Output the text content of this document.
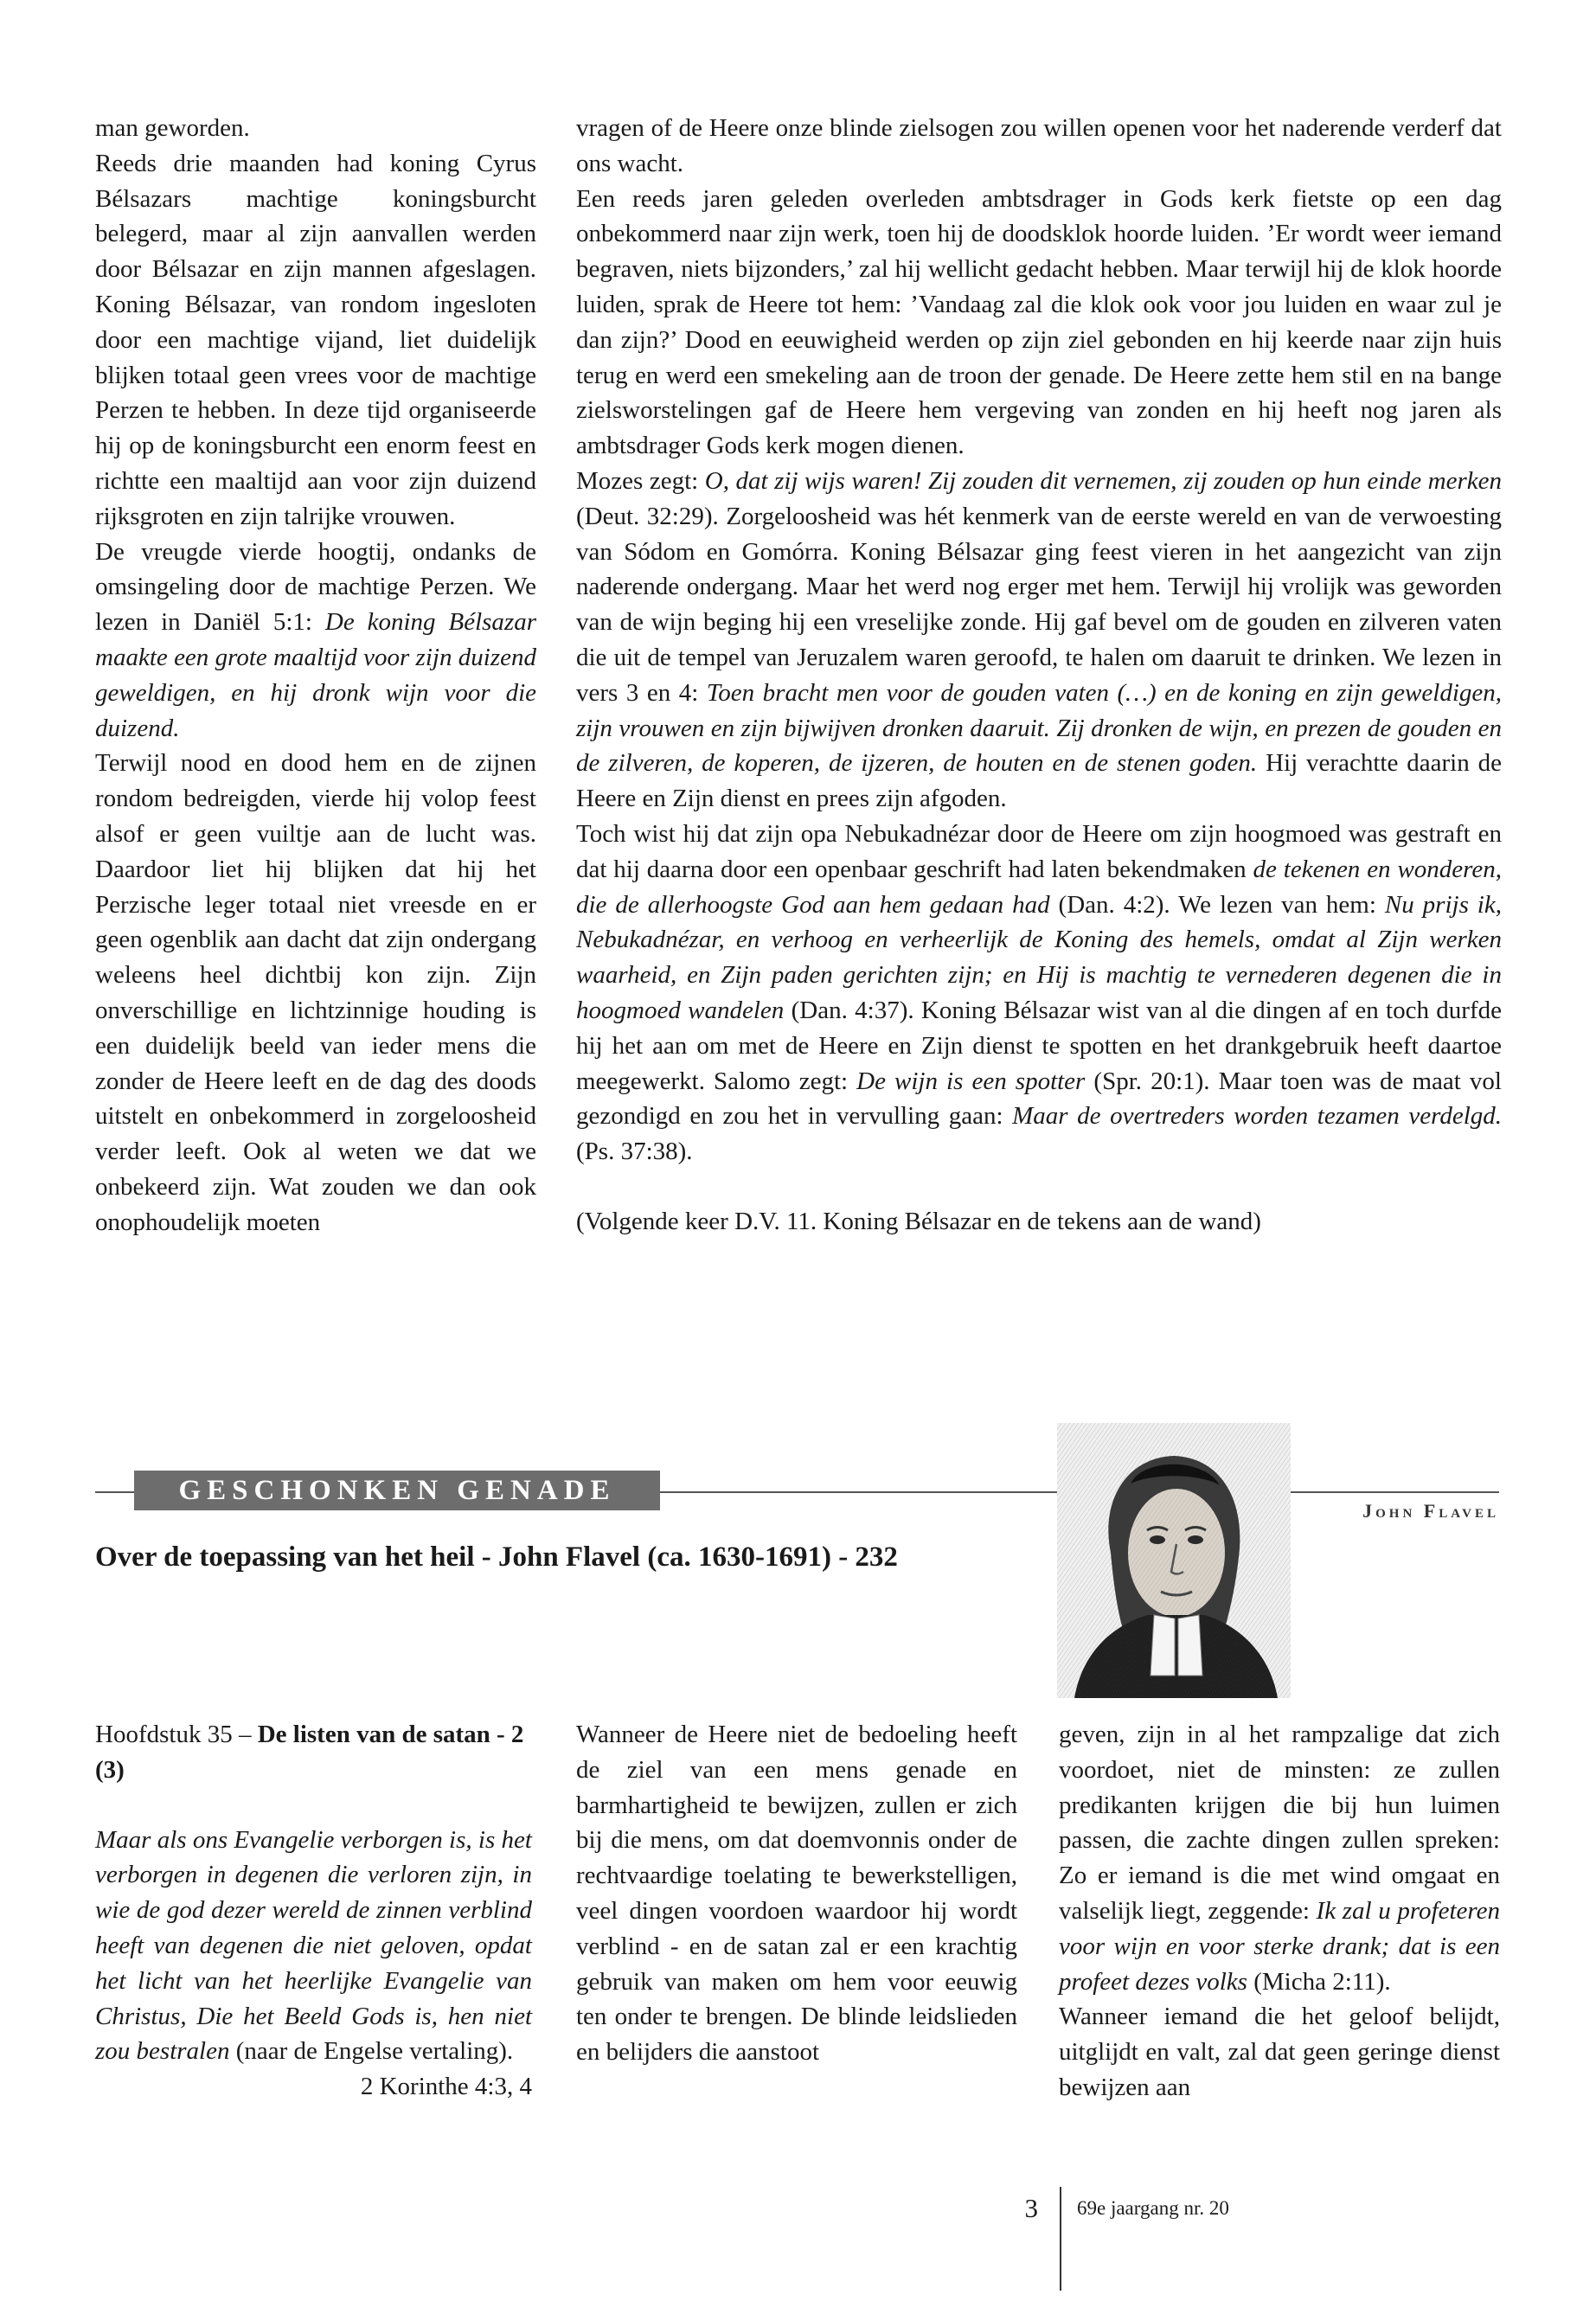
man geworden.

Reeds drie maanden had koning Cyrus Bélsazars machtige koningsburcht belegerd, maar al zijn aanvallen werden door Bélsazar en zijn mannen afgeslagen. Koning Bélsazar, van rondom ingesloten door een machtige vijand, liet duidelijk blijken totaal geen vrees voor de machtige Perzen te hebben. In deze tijd organiseerde hij op de koningsburcht een enorm feest en richtte een maaltijd aan voor zijn duizend rijksgroten en zijn talrijke vrouwen.

De vreugde vierde hoogtij, ondanks de omsingeling door de machtige Perzen. We lezen in Daniël 5:1: De koning Bélsazar maakte een grote maaltijd voor zijn duizend geweldigen, en hij dronk wijn voor die duizend.

Terwijl nood en dood hem en de zijnen rondom bedreigden, vierde hij volop feest alsof er geen vuiltje aan de lucht was. Daardoor liet hij blijken dat hij het Perzische leger totaal niet vreesde en er geen ogenblik aan dacht dat zijn ondergang weleens heel dichtbij kon zijn. Zijn onverschillige en lichtzinnige houding is een duidelijk beeld van ieder mens die zonder de Heere leeft en de dag des doods uitstelt en onbekommerd in zorgeloosheid verder leeft. Ook al weten we dat we onbekeerd zijn. Wat zouden we dan ook onophoudelijk moeten

vragen of de Heere onze blinde zielsogen zou willen openen voor het naderende verderf dat ons wacht.

Een reeds jaren geleden overleden ambtsdrager in Gods kerk fietste op een dag onbekommerd naar zijn werk, toen hij de doodsklok hoorde luiden. ’Er wordt weer iemand begraven, niets bijzonders,’ zal hij wellicht gedacht hebben. Maar terwijl hij de klok hoorde luiden, sprak de Heere tot hem: ’Vandaag zal die klok ook voor jou luiden en waar zul je dan zijn?’ Dood en eeuwigheid werden op zijn ziel gebonden en hij keerde naar zijn huis terug en werd een smekeling aan de troon der genade. De Heere zette hem stil en na bange zielsworstelingen gaf de Heere hem vergeving van zonden en hij heeft nog jaren als ambtsdrager Gods kerk mogen dienen.

Mozes zegt: O, dat zij wijs waren! Zij zouden dit vernemen, zij zouden op hun einde merken (Deut. 32:29). Zorgeloosheid was hét kenmerk van de eerste wereld en van de verwoesting van Sódom en Gomórra. Koning Bélsazar ging feest vieren in het aangezicht van zijn naderende ondergang. Maar het werd nog erger met hem. Terwijl hij vrolijk was geworden van de wijn beging hij een vreselijke zonde. Hij gaf bevel om de gouden en zilveren vaten die uit de tempel van Jeruzalem waren geroofd, te halen om daaruit te drinken. We lezen in vers 3 en 4: Toen bracht men voor de gouden vaten (…) en de koning en zijn geweldigen, zijn vrouwen en zijn bijwijven dronken daaruit. Zij dronken de wijn, en prezen de gouden en de zilveren, de koperen, de ijzeren, de houten en de stenen goden. Hij verachtte daarin de Heere en Zijn dienst en prees zijn afgoden.

Toch wist hij dat zijn opa Nebukadnézar door de Heere om zijn hoogmoed was gestraft en dat hij daarna door een openbaar geschrift had laten bekendmaken de tekenen en wonderen, die de allerhoogste God aan hem gedaan had (Dan. 4:2). We lezen van hem: Nu prijs ik, Nebukadnézar, en verhoog en verheerlijk de Koning des hemels, omdat al Zijn werken waarheid, en Zijn paden gerichten zijn; en Hij is machtig te vernederen degenen die in hoogmoed wandelen (Dan. 4:37). Koning Bélsazar wist van al die dingen af en toch durfde hij het aan om met de Heere en Zijn dienst te spotten en het drankgebruik heeft daartoe meegewerkt. Salomo zegt: De wijn is een spotter (Spr. 20:1). Maar toen was de maat vol gezondigd en zou het in vervulling gaan: Maar de overtreders worden tezamen verdelgd. (Ps. 37:38).

(Volgende keer D.V. 11. Koning Bélsazar en de tekens aan de wand)

GESCHONKEN GENADE
John Flavel
Over de toepassing van het heil - John Flavel (ca. 1630-1691) - 232

Hoofdstuk 35 – De listen van de satan - 2 (3)

Maar als ons Evangelie verborgen is, is het verborgen in degenen die verloren zijn, in wie de god dezer wereld de zinnen verblind heeft van degenen die niet geloven, opdat het licht van het heerlijke Evangelie van Christus, Die het Beeld Gods is, hen niet zou bestralen (naar de Engelse vertaling).

2 Korinthe 4:3, 4

Wanneer de Heere niet de bedoeling heeft de ziel van een mens genade en barmhartigheid te bewijzen, zullen er zich bij die mens, om dat doemvonnis onder de rechtvaardige toelating te bewerkstelligen, veel dingen voordoen waardoor hij wordt verblind - en de satan zal er een krachtig gebruik van maken om hem voor eeuwig ten onder te brengen. De blinde leidslieden en belijders die aanstoot

geven, zijn in al het rampzalige dat zich voordoet, niet de minsten: ze zullen predikanten krijgen die bij hun luimen passen, die zachte dingen zullen spreken: Zo er iemand is die met wind omgaat en valselijk liegt, zeggende: Ik zal u profeteren voor wijn en voor sterke drank; dat is een profeet dezes volks (Micha 2:11).

Wanneer iemand die het geloof belijdt, uitglijdt en valt, zal dat geen geringe dienst bewijzen aan

3 69e jaargang nr. 20
